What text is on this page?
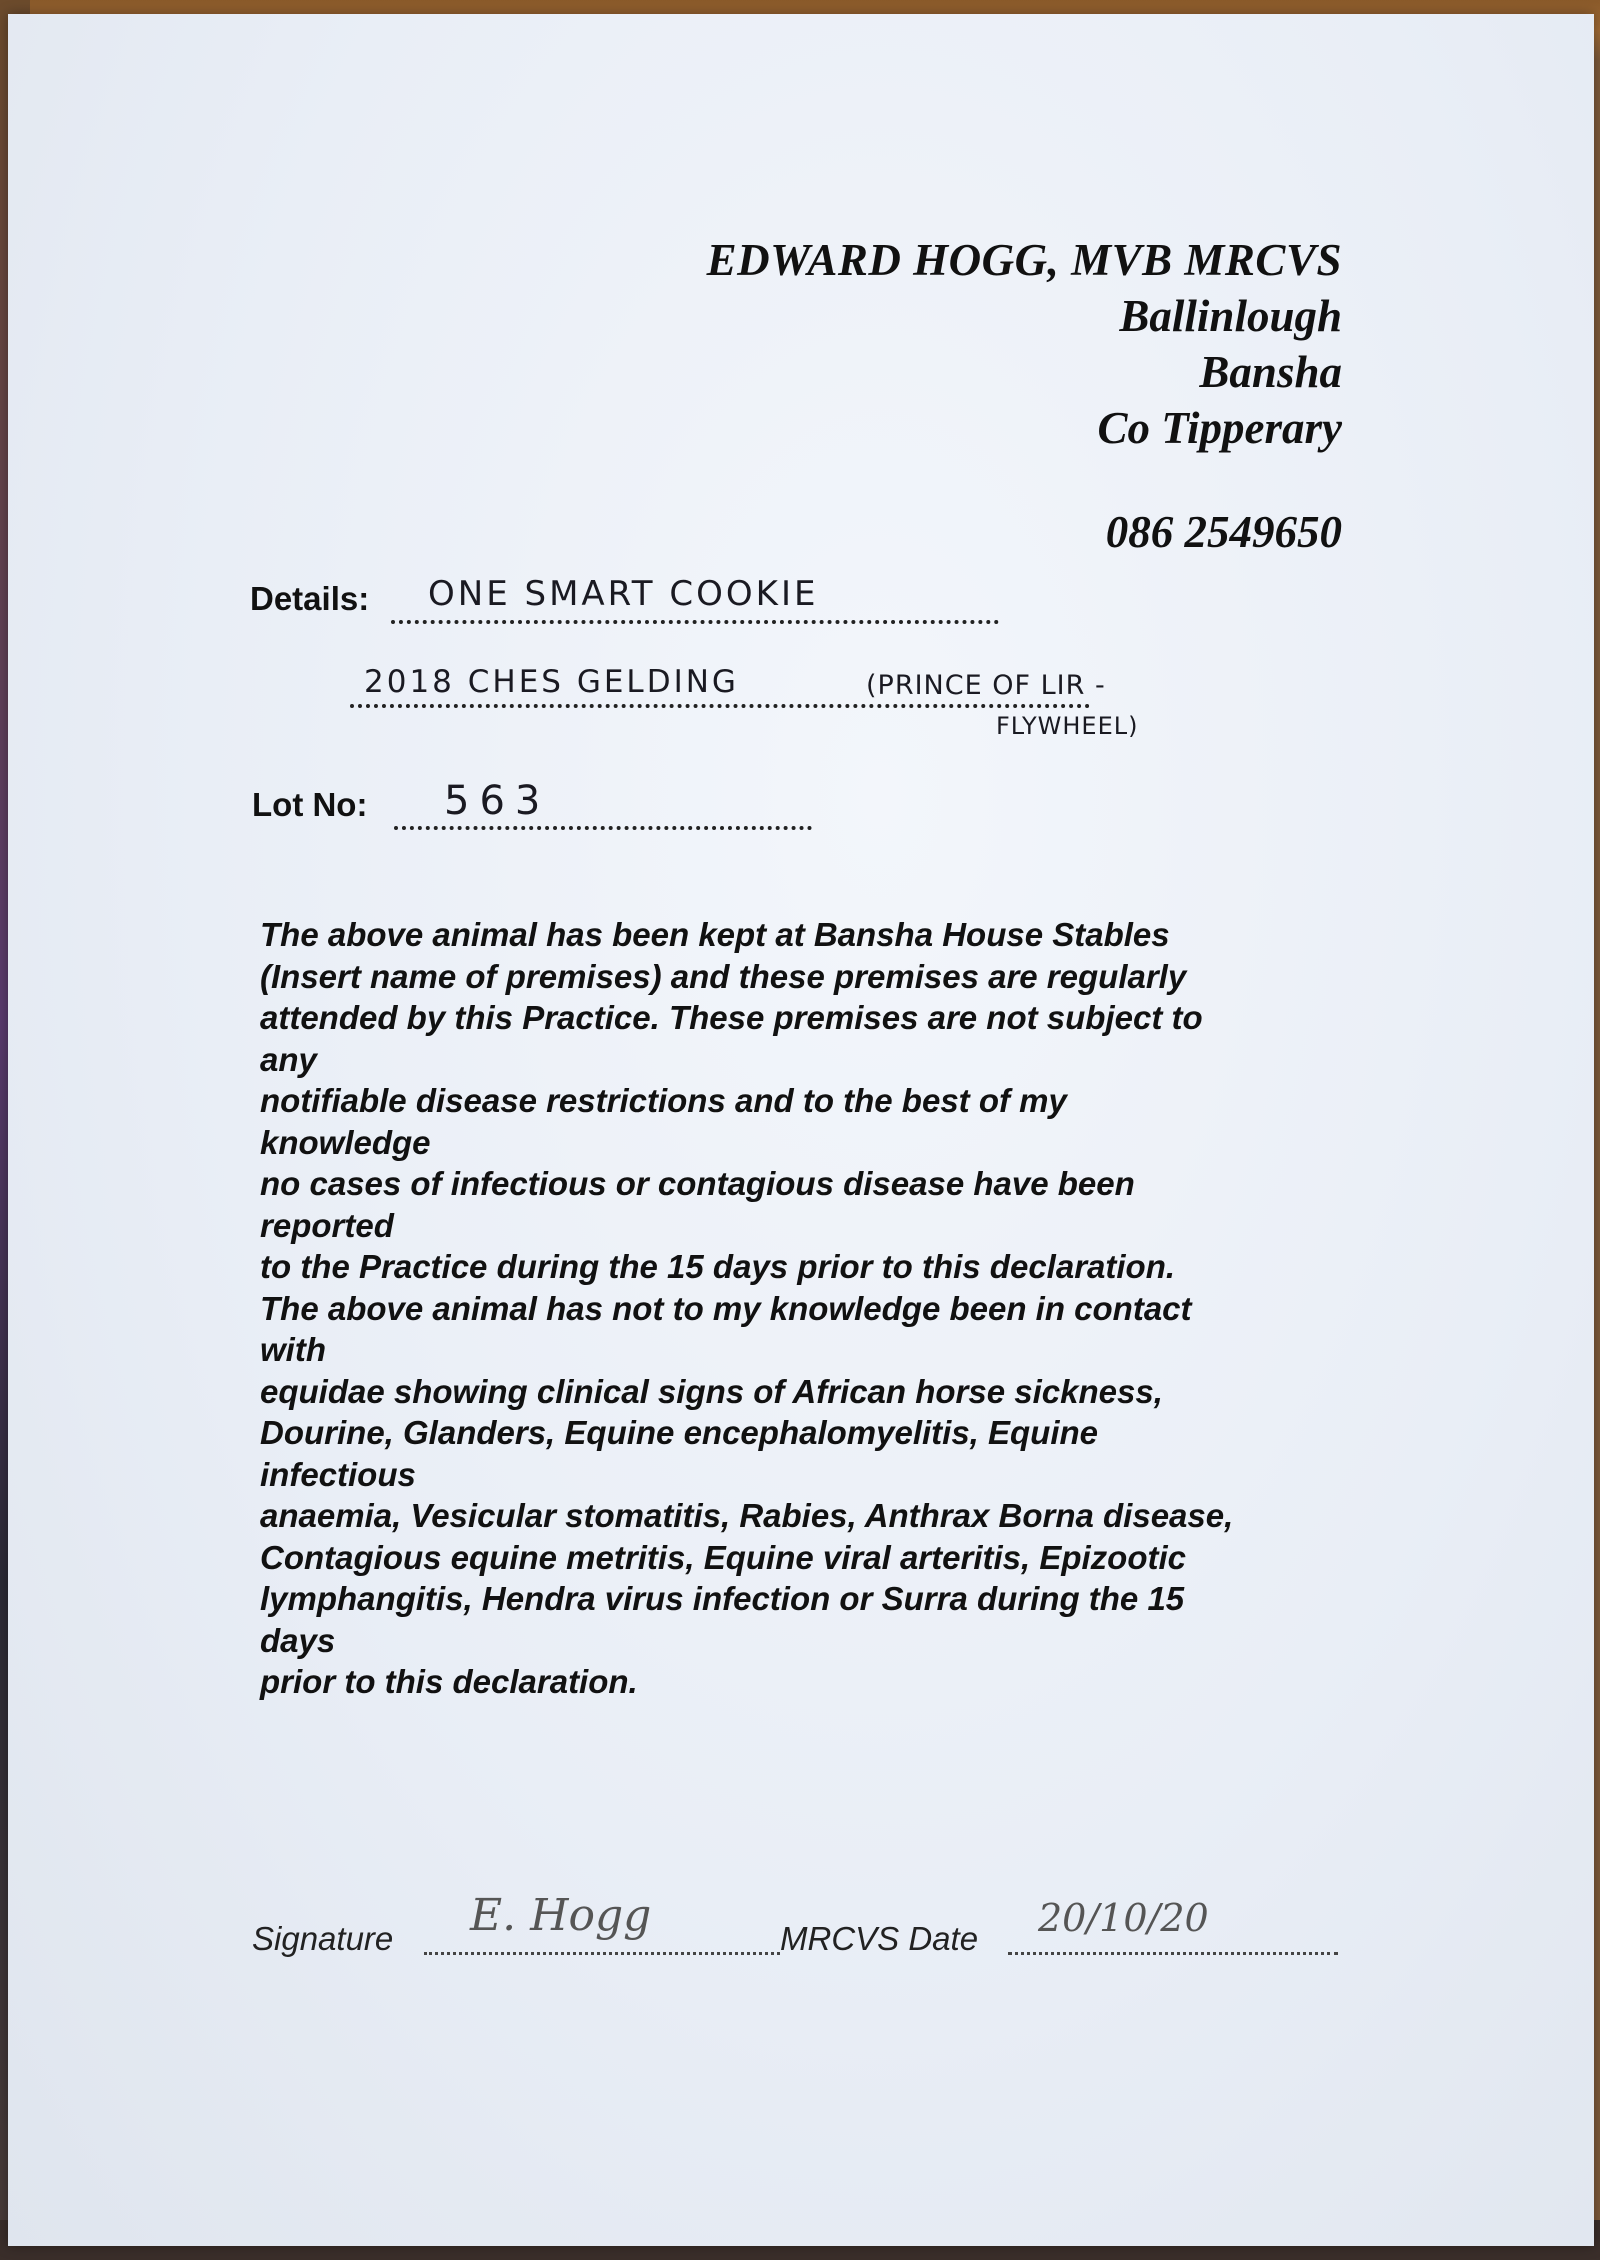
EDWARD HOGG, MVB MRCVS
Ballinlough
Bansha
Co Tipperary
086 2549650
Details: ONE SMART COOKIE
2018 CHES GELDING	(PRINCE OF LIR -
FLYWHEEL)
Lot No: 563
The above animal has been kept at Bansha House Stables
(Insert name of premises) and these premises are regularly
attended by this Practice. These premises are not subject to
any
notifiable disease restrictions and to the best of my
knowledge
no cases of infectious or contagious disease have been
reported
to the Practice during the 15 days prior to this declaration.
The above animal has not to my knowledge been in contact
with
equidae showing clinical signs of African horse sickness,
Dourine, Glanders, Equine encephalomyelitis, Equine
infectious
anaemia, Vesicular stomatitis, Rabies, Anthrax Borna disease,
Contagious equine metritis, Equine viral arteritis, Epizootic
lymphangitis, Hendra virus infection or Surra during the 15
days
prior to this declaration.
Signature E. Hogg	MRCVS Date 20/10/20
